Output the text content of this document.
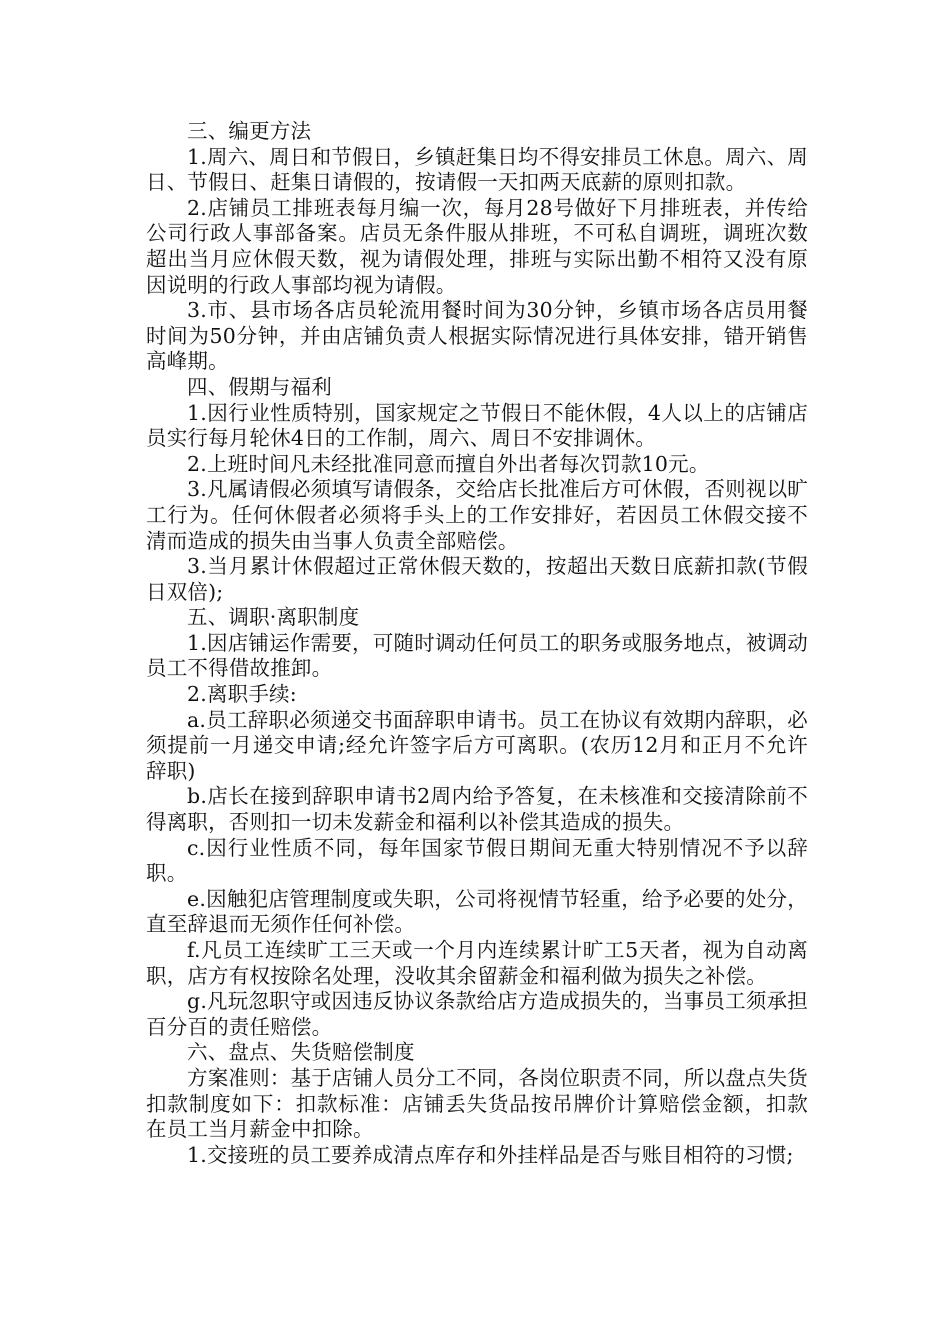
三、编更方法

1.周六、周日和节假日，乡镇赶集日均不得安排员工休息。周六、周日、节假日、赶集日请假的，按请假一天扣两天底薪的原则扣款。

2.店铺员工排班表每月编一次，每月28号做好下月排班表，并传给公司行政人事部备案。店员无条件服从排班，不可私自调班，调班次数超出当月应休假天数，视为请假处理，排班与实际出勤不相符又没有原因说明的行政人事部均视为请假。

3.市、县市场各店员轮流用餐时间为30分钟，乡镇市场各店员用餐时间为50分钟，并由店铺负责人根据实际情况进行具体安排，错开销售高峰期。

四、假期与福利

1.因行业性质特别，国家规定之节假日不能休假，4人以上的店铺店员实行每月轮休4日的工作制，周六、周日不安排调休。

2.上班时间凡未经批准同意而擅自外出者每次罚款10元。

3.凡属请假必须填写请假条，交给店长批准后方可休假，否则视以旷工行为。任何休假者必须将手头上的工作安排好，若因员工休假交接不清而造成的损失由当事人负责全部赔偿。

3.当月累计休假超过正常休假天数的，按超出天数日底薪扣款(节假日双倍);

五、调职·离职制度

1.因店铺运作需要，可随时调动任何员工的职务或服务地点，被调动员工不得借故推卸。

2.离职手续:

a.员工辞职必须递交书面辞职申请书。员工在协议有效期内辞职，必须提前一月递交申请;经允许签字后方可离职。(农历12月和正月不允许辞职)

b.店长在接到辞职申请书2周内给予答复，在未核准和交接清除前不得离职，否则扣一切未发薪金和福利以补偿其造成的损失。

c.因行业性质不同，每年国家节假日期间无重大特别情况不予以辞职。

e.因触犯店管理制度或失职，公司将视情节轻重，给予必要的处分，直至辞退而无须作任何补偿。

f.凡员工连续旷工三天或一个月内连续累计旷工5天者，视为自动离职，店方有权按除名处理，没收其余留薪金和福利做为损失之补偿。

g.凡玩忽职守或因违反协议条款给店方造成损失的，当事员工须承担百分百的责任赔偿。

六、盘点、失货赔偿制度

方案准则：基于店铺人员分工不同，各岗位职责不同，所以盘点失货扣款制度如下：扣款标准：店铺丢失货品按吊牌价计算赔偿金额，扣款在员工当月薪金中扣除。

1.交接班的员工要养成清点库存和外挂样品是否与账目相符的习惯;
